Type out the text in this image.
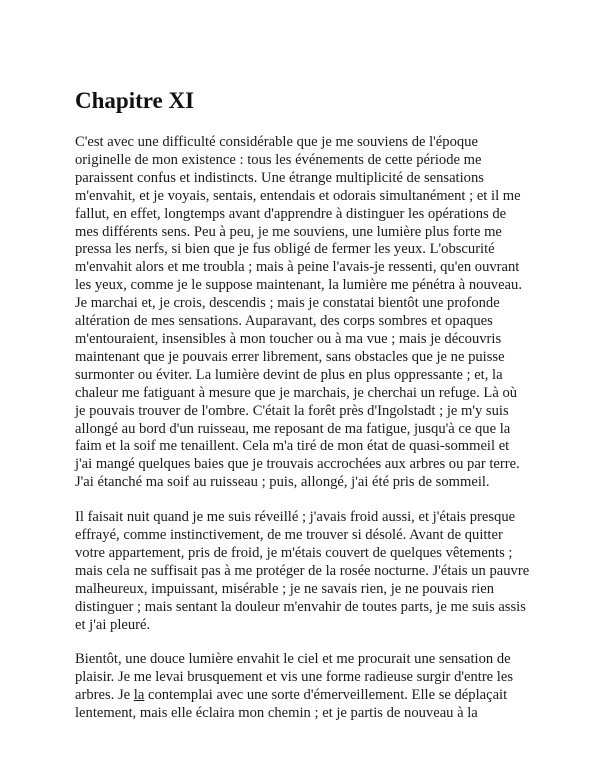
Chapitre XI

C'est avec une difficulté considérable que je me souviens de l'époque originelle de mon existence : tous les événements de cette période me paraissent confus et indistincts. Une étrange multiplicité de sensations m'envahit, et je voyais, sentais, entendais et odorais simultanément ; et il me fallut, en effet, longtemps avant d'apprendre à distinguer les opérations de mes différents sens. Peu à peu, je me souviens, une lumière plus forte me pressa les nerfs, si bien que je fus obligé de fermer les yeux. L'obscurité m'envahit alors et me troubla ; mais à peine l'avais-je ressenti, qu'en ouvrant les yeux, comme je le suppose maintenant, la lumière me pénétra à nouveau. Je marchai et, je crois, descendis ; mais je constatai bientôt une profonde altération de mes sensations. Auparavant, des corps sombres et opaques m'entouraient, insensibles à mon toucher ou à ma vue ; mais je découvris maintenant que je pouvais errer librement, sans obstacles que je ne puisse surmonter ou éviter. La lumière devint de plus en plus oppressante ; et, la chaleur me fatiguant à mesure que je marchais, je cherchai un refuge. Là où je pouvais trouver de l'ombre. C'était la forêt près d'Ingolstadt ; je m'y suis allongé au bord d'un ruisseau, me reposant de ma fatigue, jusqu'à ce que la faim et la soif me tenaillent. Cela m'a tiré de mon état de quasi-sommeil et j'ai mangé quelques baies que je trouvais accrochées aux arbres ou par terre. J'ai étanché ma soif au ruisseau ; puis, allongé, j'ai été pris de sommeil.

Il faisait nuit quand je me suis réveillé ; j'avais froid aussi, et j'étais presque effrayé, comme instinctivement, de me trouver si désolé. Avant de quitter votre appartement, pris de froid, je m'étais couvert de quelques vêtements ; mais cela ne suffisait pas à me protéger de la rosée nocturne. J'étais un pauvre malheureux, impuissant, misérable ; je ne savais rien, je ne pouvais rien distinguer ; mais sentant la douleur m'envahir de toutes parts, je me suis assis et j'ai pleuré.

Bientôt, une douce lumière envahit le ciel et me procurait une sensation de plaisir. Je me levai brusquement et vis une forme radieuse surgir d'entre les arbres. Je la contemplai avec une sorte d'émerveillement. Elle se déplaçait lentement, mais elle éclaira mon chemin ; et je partis de nouveau à la
